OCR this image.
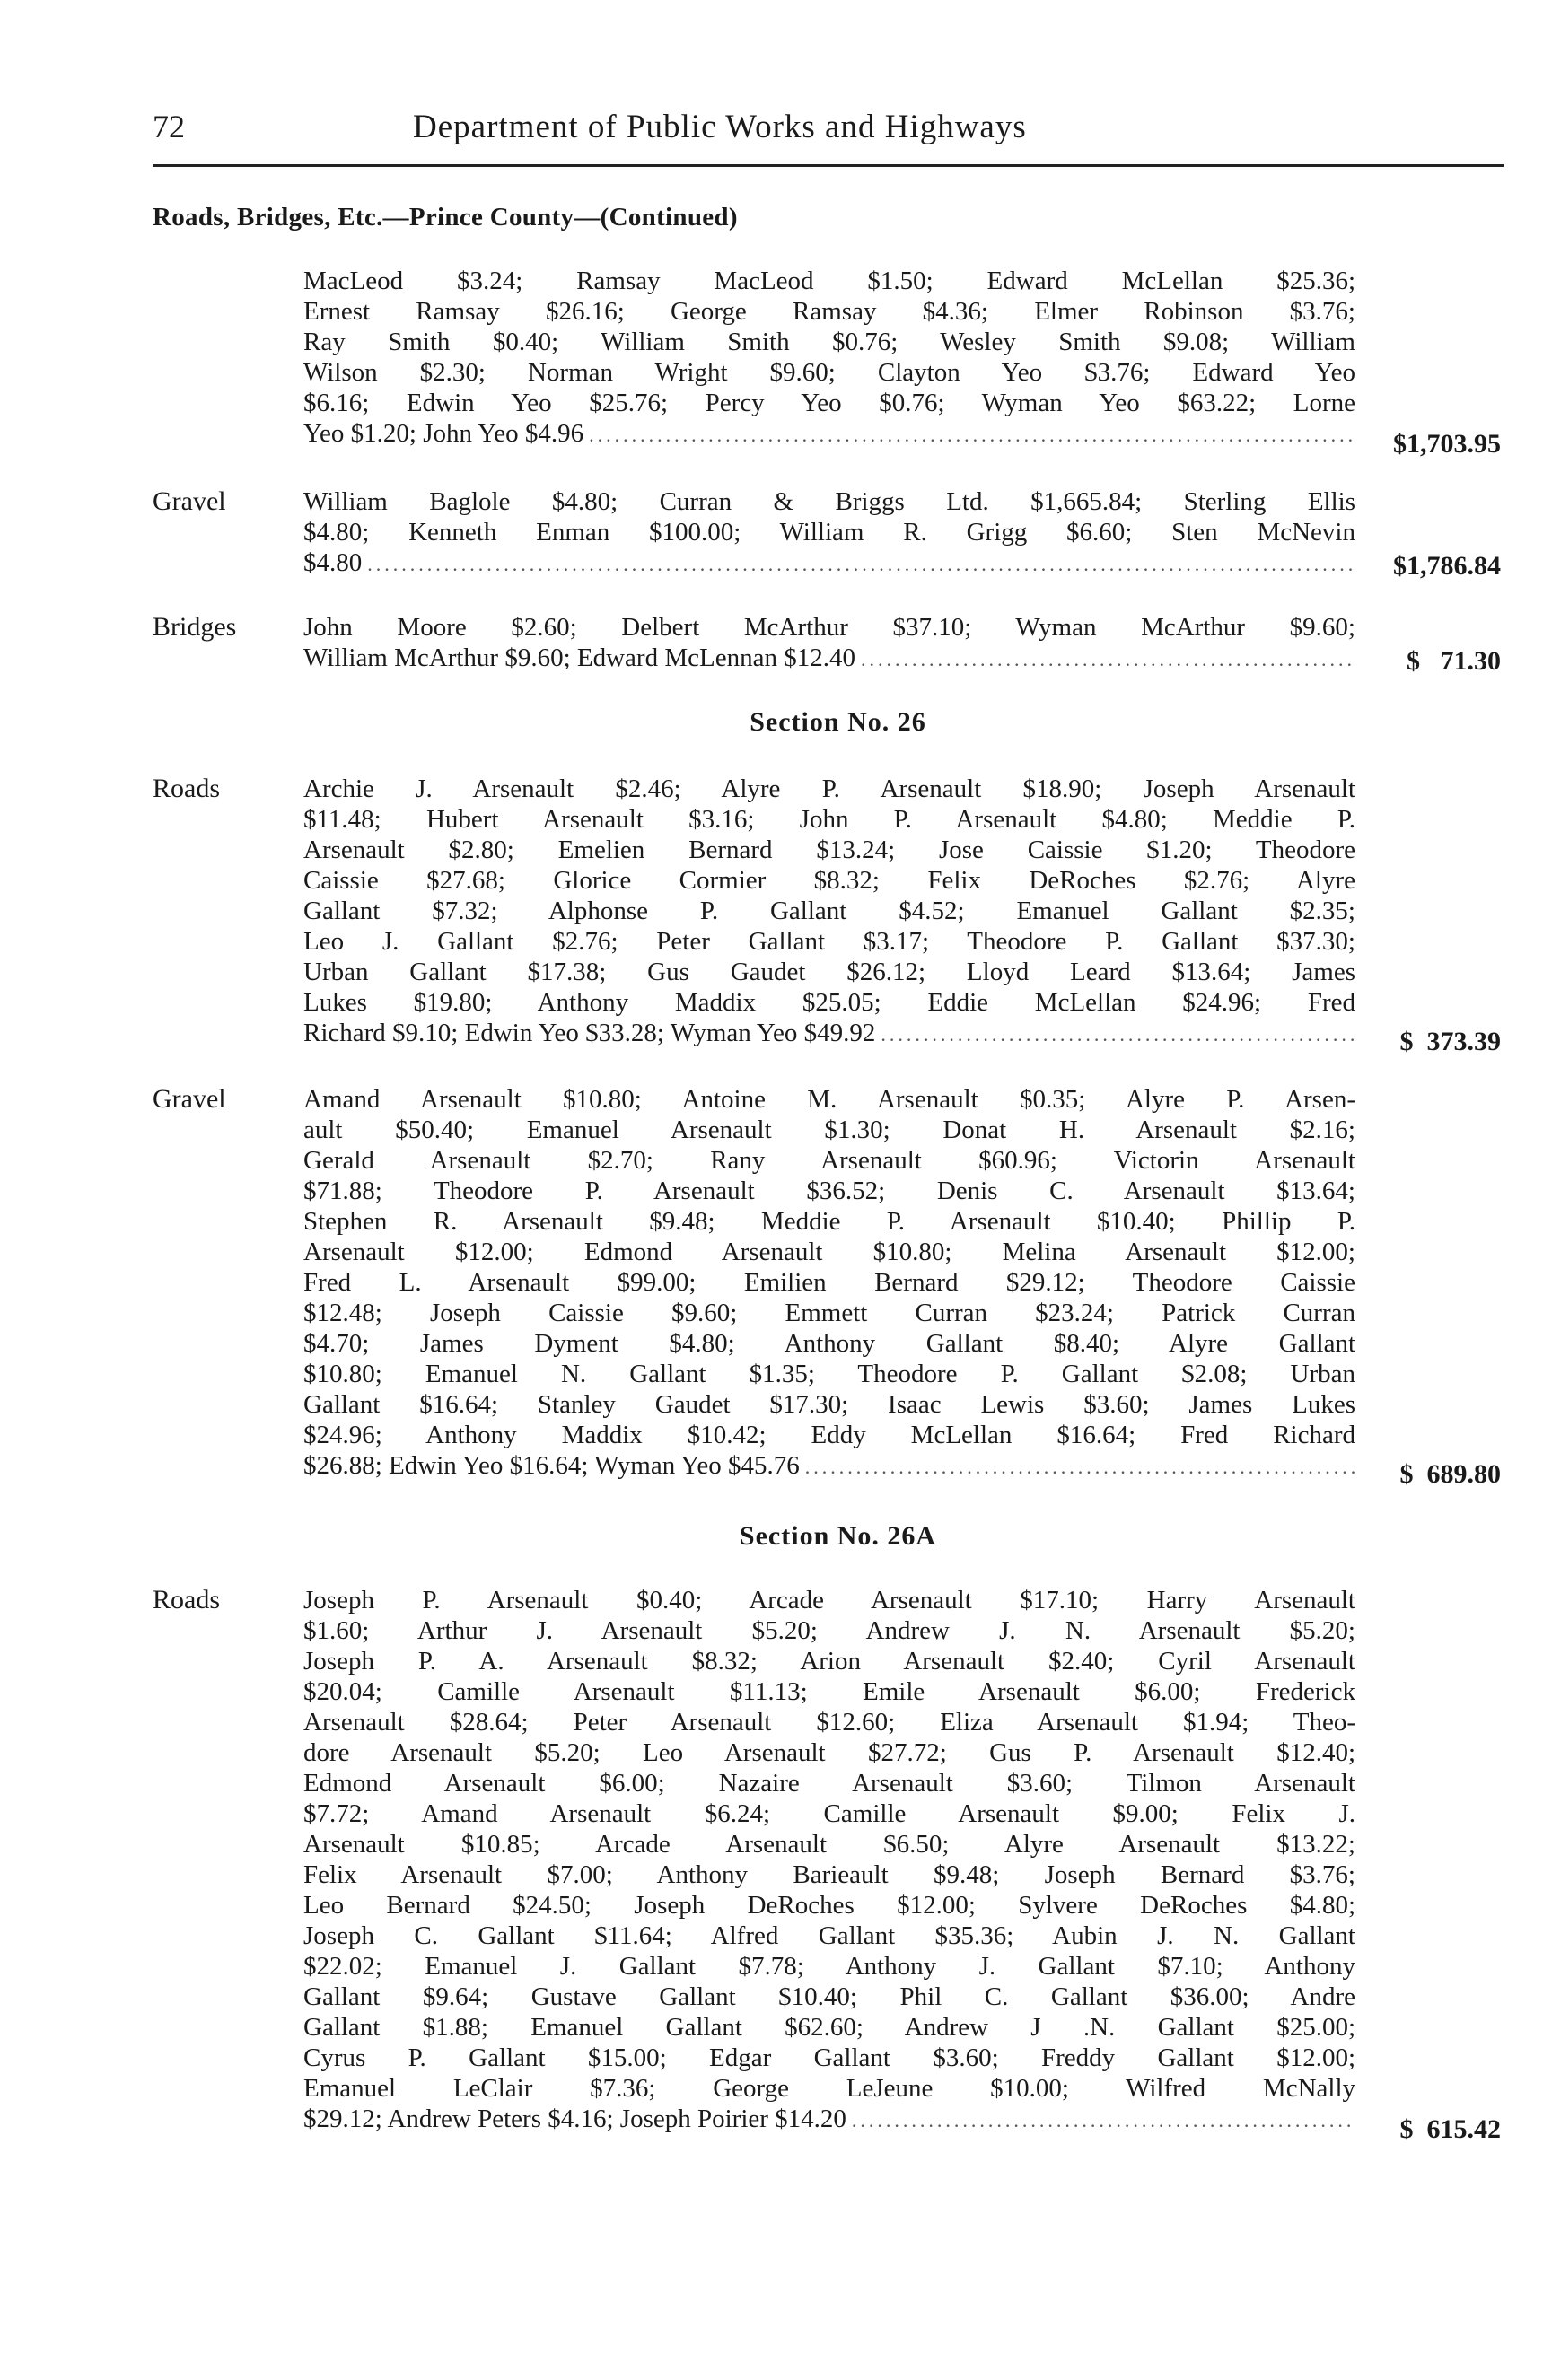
72	Department of Public Works and Highways
Roads, Bridges, Etc.—Prince County—(Continued)
MacLeod $3.24; Ramsay MacLeod $1.50; Edward McLellan $25.36;
Ernest Ramsay $26.16; George Ramsay $4.36; Elmer Robinson $3.76;
Ray Smith $0.40; William Smith $0.76; Wesley Smith $9.08; William
Wilson $2.30; Norman Wright $9.60; Clayton Yeo $3.76; Edward Yeo
$6.16; Edwin Yeo $25.76; Percy Yeo $0.76; Wyman Yeo $63.22; Lorne
Yeo $1.20; John Yeo $4.96 .....	$1,703.95
Gravel	William Baglole $4.80; Curran & Briggs Ltd. $1,665.84; Sterling Ellis
$4.80; Kenneth Enman $100.00; William R. Grigg $6.60; Sten McNevin
$4.80 .....	$1,786.84
Bridges	John Moore $2.60; Delbert McArthur $37.10; Wyman McArthur $9.60;
William McArthur $9.60; Edward McLennan $12.40 .....	$   71.30
Section No. 26
Roads	Archie J. Arsenault $2.46; Alyre P. Arsenault $18.90; Joseph Arsenault
$11.48; Hubert Arsenault $3.16; John P. Arsenault $4.80; Meddie P.
Arsenault $2.80; Emelien Bernard $13.24; Jose Caissie $1.20; Theodore
Caissie $27.68; Glorice Cormier $8.32; Felix DeRoches $2.76; Alyre
Gallant $7.32; Alphonse P. Gallant $4.52; Emanuel Gallant $2.35;
Leo J. Gallant $2.76; Peter Gallant $3.17; Theodore P. Gallant $37.30;
Urban Gallant $17.38; Gus Gaudet $26.12; Lloyd Leard $13.64; James
Lukes $19.80; Anthony Maddix $25.05; Eddie McLellan $24.96; Fred
Richard $9.10; Edwin Yeo $33.28; Wyman Yeo $49.92 .....	$  373.39
Gravel	Amand Arsenault $10.80; Antoine M. Arsenault $0.35; Alyre P. Arsen-
ault $50.40; Emanuel Arsenault $1.30; Donat H. Arsenault $2.16;
Gerald Arsenault $2.70; Rany Arsenault $60.96; Victorin Arsenault
$71.88; Theodore P. Arsenault $36.52; Denis C. Arsenault $13.64;
Stephen R. Arsenault $9.48; Meddie P. Arsenault $10.40; Phillip P.
Arsenault $12.00; Edmond Arsenault $10.80; Melina Arsenault $12.00;
Fred L. Arsenault $99.00; Emilien Bernard $29.12; Theodore Caissie
$12.48; Joseph Caissie $9.60; Emmett Curran $23.24; Patrick Curran
$4.70; James Dyment $4.80; Anthony Gallant $8.40; Alyre Gallant
$10.80; Emanuel N. Gallant $1.35; Theodore P. Gallant $2.08; Urban
Gallant $16.64; Stanley Gaudet $17.30; Isaac Lewis $3.60; James Lukes
$24.96; Anthony Maddix $10.42; Eddy McLellan $16.64; Fred Richard
$26.88; Edwin Yeo $16.64; Wyman Yeo $45.76 .....	$  689.80
Section No. 26A
Roads	Joseph P. Arsenault $0.40; Arcade Arsenault $17.10; Harry Arsenault
$1.60; Arthur J. Arsenault $5.20; Andrew J. N. Arsenault $5.20;
Joseph P. A. Arsenault $8.32; Arion Arsenault $2.40; Cyril Arsenault
$20.04; Camille Arsenault $11.13; Emile Arsenault $6.00; Frederick
Arsenault $28.64; Peter Arsenault $12.60; Eliza Arsenault $1.94; Theo-
dore Arsenault $5.20; Leo Arsenault $27.72; Gus P. Arsenault $12.40;
Edmond Arsenault $6.00; Nazaire Arsenault $3.60; Tilmon Arsenault
$7.72; Amand Arsenault $6.24; Camille Arsenault $9.00; Felix J.
Arsenault $10.85; Arcade Arsenault $6.50; Alyre Arsenault $13.22;
Felix Arsenault $7.00; Anthony Barieault $9.48; Joseph Bernard $3.76;
Leo Bernard $24.50; Joseph DeRoches $12.00; Sylvere DeRoches $4.80;
Joseph C. Gallant $11.64; Alfred Gallant $35.36; Aubin J. N. Gallant
$22.02; Emanuel J. Gallant $7.78; Anthony J. Gallant $7.10; Anthony
Gallant $9.64; Gustave Gallant $10.40; Phil C. Gallant $36.00; Andre
Gallant $1.88; Emanuel Gallant $62.60; Andrew J .N. Gallant $25.00;
Cyrus P. Gallant $15.00; Edgar Gallant $3.60; Freddy Gallant $12.00;
Emanuel LeClair $7.36; George LeJeune $10.00; Wilfred McNally
$29.12; Andrew Peters $4.16; Joseph Poirier $14.20 .....	$  615.42
